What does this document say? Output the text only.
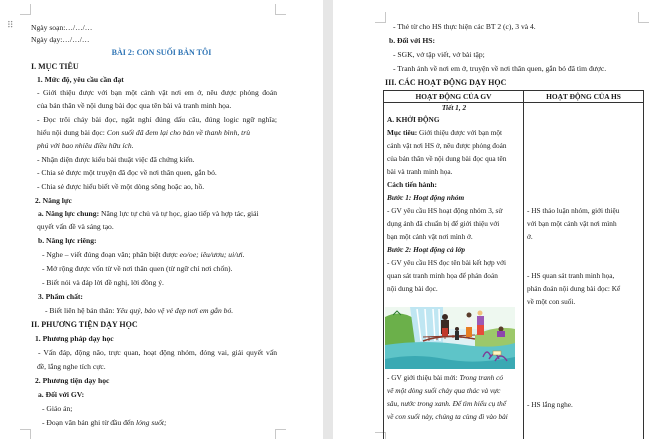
⠿ Ngày soạn:…/…/…
Ngày dạy:…/…/…
BÀI 2: CON SUỐI BẢN TÔI
I. MỤC TIÊU
1. Mức độ, yêu cầu cần đạt
- Giới thiệu được với bạn một cảnh vật nơi em ở, nêu được phỏng đoán
của bản thân về nội dung bài đọc qua tên bài và tranh minh họa.
- Đọc trôi chảy bài đọc, ngắt nghỉ đúng dấu câu, đúng logic ngữ nghĩa;
hiểu nội dung bài đọc: Con suối đã đem lại cho bản về thanh bình, trù
phú với bao nhiêu điều hữu ích.
- Nhận diện được kiểu bài thuật việc đã chứng kiến.
- Chia sẻ được một truyện đã đọc về nơi thân quen, gắn bó.
- Chia sẻ được hiểu biết về một dòng sông hoặc ao, hồ.
2. Năng lực
a. Năng lực chung: Năng lực tự chủ và tự học, giao tiếp và hợp tác, giải
quyết vấn đề và sáng tạo.
b. Năng lực riêng:
- Nghe – viết đúng đoạn văn; phân biệt được eo/oe; iêu/ươu; ui/ưi.
- Mở rộng được vốn từ về nơi thân quen (từ ngữ chỉ nơi chốn).
- Biết nói và đáp lời đề nghị, lời đồng ý.
3. Phẩm chất:
- Biết liên hệ bản thân: Yêu quý, bảo vệ vẻ đẹp nơi em gắn bó.
II. PHƯƠNG TIỆN DẠY HỌC
1. Phương pháp dạy học
- Vấn đáp, động não, trực quan, hoạt động nhóm, đóng vai, giải quyết vấn
đề, lắng nghe tích cực.
2. Phương tiện dạy học
a. Đối với GV:
- Giáo án;
- Đoạn văn bản ghi từ đầu đến lóng suốt;
- Thẻ từ cho HS thực hiện các BT 2 (c), 3 và 4.
b. Đối với HS:
- SGK, vở tập viết, vở bài tập;
- Tranh ảnh về nơi em ở, truyện về nơi thân quen, gắn bó đã tìm được.
III. CÁC HOẠT ĐỘNG DẠY HỌC
HOẠT ĐỘNG CỦA GV	HOẠT ĐỘNG CỦA HS
Tiết 1, 2
A. KHỞI ĐỘNG
Mục tiêu: Giới thiệu được với bạn một
cảnh vật nơi HS ở, nêu được phỏng đoán
của bản thân về nội dung bài đọc qua tên
bài và tranh minh họa.
Cách tiến hành:
Bước 1: Hoạt động nhóm
- GV yêu cầu HS hoạt động nhóm 3, sử
dụng ảnh đã chuẩn bị để giới thiệu với
bạn một cảnh vật nơi mình ở.
Bước 2: Hoạt động cả lớp
- GV yêu cầu HS đọc tên bài kết hợp với
quan sát tranh minh họa để phán đoán
nội dung bài đọc.
- GV giới thiệu bài mới: Trong tranh có
vẽ một dòng suối chảy qua thác và vực
sâu, nước trong xanh. Để tìm hiểu cụ thể
về con suối này, chúng ta cùng đi vào bài
- HS thảo luận nhóm, giới thiệu
với bạn một cảnh vật nơi mình
ở.
- HS quan sát tranh minh họa,
phán đoán nội dung bài đọc: Kể
về một con suối.
- HS lắng nghe.
